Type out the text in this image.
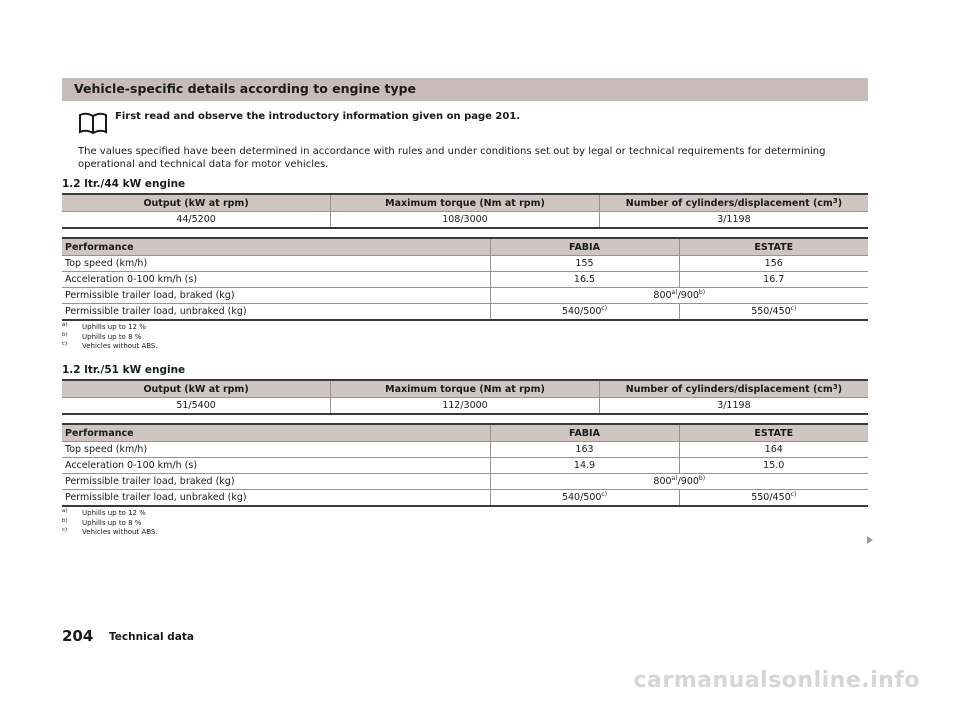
Vehicle-specific details according to engine type
First read and observe the introductory information given on page 201.
The values specified have been determined in accordance with rules and under conditions set out by legal or technical requirements for determining operational and technical data for motor vehicles.
1.2 ltr./44 kW engine
Output (kW at rpm)	Maximum torque (Nm at rpm)	Number of cylinders/displacement $(cm^3)$
44/5200	108/3000	3/1198
Performance	FABIA	ESTATE
Top speed (km/h)	155	156
Acceleration 0-100 km/h (s)	16.5	16.7
Permissible trailer load, braked (kg)	800$^{a)}$/900$^{b)}$
Permissible trailer load, unbraked (kg)	540/500$^{c)}$	550/450$^{c)}$
a)	Uphills up to 12 %
b)	Uphills up to 8 %
c)	Vehicles without ABS.
1.2 ltr./51 kW engine
Output (kW at rpm)	Maximum torque (Nm at rpm)	Number of cylinders/displacement $(cm^3)$
51/5400	112/3000	3/1198
Performance	FABIA	ESTATE
Top speed (km/h)	163	164
Acceleration 0-100 km/h (s)	14.9	15.0
Permissible trailer load, braked (kg)	800$^{a)}$/900$^{b)}$
Permissible trailer load, unbraked (kg)	540/500$^{c)}$	550/450$^{c)}$
a)	Uphills up to 12 %
b)	Uphills up to 8 %
c)	Vehicles without ABS.
204 Technical data
carmanualsonline.info
